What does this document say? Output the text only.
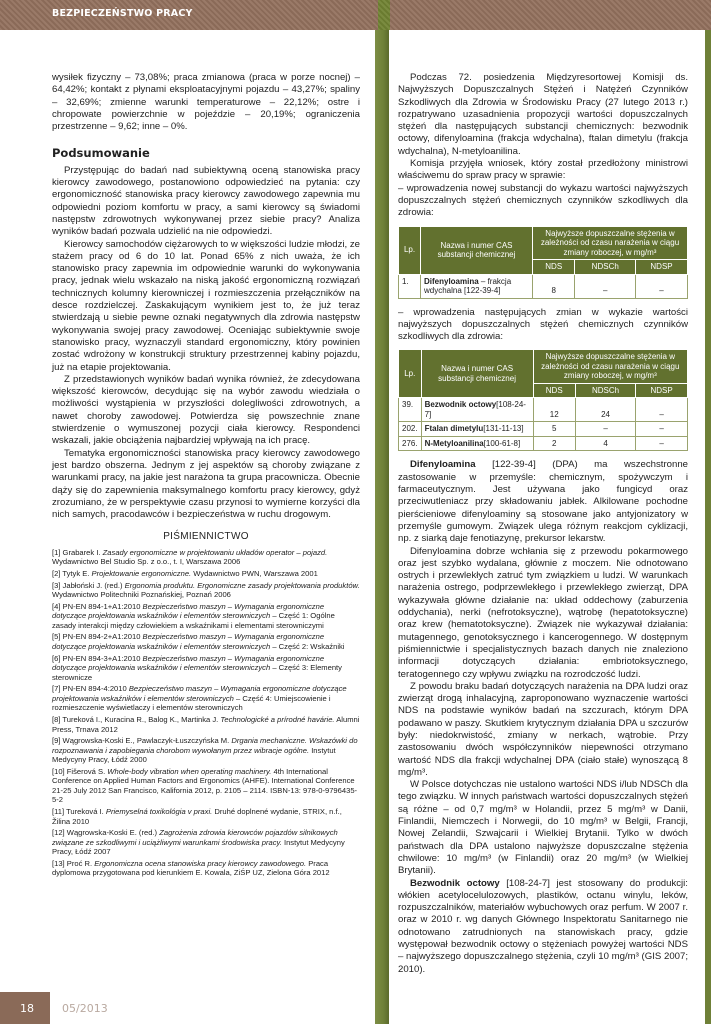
BEZPIECZEŃSTWO PRACY

wysiłek fizyczny – 73,08%; praca zmianowa (praca w porze nocnej) – 64,42%; kontakt z płynami eksploatacyjnymi pojazdu – 43,27%; spaliny – 32,69%; zmienne warunki temperaturowe – 22,12%; ostre i chropowate powierzchnie w pojeździe – 20,19%; ograniczenia przestrzenne – 9,62; inne – 0%.

Podsumowanie

Przystępując do badań nad subiektywną oceną stanowiska pracy kierowcy zawodowego, postanowiono odpowiedzieć na pytania: czy ergonomiczność stanowiska pracy kierowcy zawodowego zapewnia mu odpowiedni poziom komfortu w pracy, a sami kierowcy są świadomi następstw zdrowotnych wykonywanej przez siebie pracy? Analiza wyników badań pozwala udzielić na nie odpowiedzi.

Kierowcy samochodów ciężarowych to w większości ludzie młodzi, ze stażem pracy od 6 do 10 lat. Ponad 65% z nich uważa, że ich stanowisko pracy zapewnia im odpowiednie warunki do wykonywania pracy, jednak wielu wskazało na niską jakość ergonomiczną rozwiązań technicznych kolumny kierowniczej i rozmieszczenia przełączników na desce rozdzielczej. Zaskakującym wynikiem jest to, że już teraz stwierdzają u siebie pewne oznaki negatywnych dla zdrowia następstw wykonywania swojej pracy zawodowej. Oceniając subiektywnie swoje stanowisko pracy, wyznaczyli standard ergonomiczny, który powinien zostać wdrożony w konstrukcji struktury przestrzennej kabiny pojazdu, już na etapie projektowania.

Z przedstawionych wyników badań wynika również, że zdecydowana większość kierowców, decydując się na wybór zawodu wiedziała o możliwości wystąpienia w przyszłości dolegliwości zdrowotnych, a nawet choroby zawodowej. Potwierdza się powszechnie znane stwierdzenie o wymuszonej pozycji ciała kierowcy. Respondenci wskazali, jakie obciążenia najbardziej wpływają na ich pracę.

Tematyka ergonomiczności stanowiska pracy kierowcy zawodowego jest bardzo obszerna. Jednym z jej aspektów są choroby związane z warunkami pracy, na jakie jest narażona ta grupa pracownicza. Obecnie dąży się do zapewnienia maksymalnego komfortu pracy kierowcy, gdyż zrozumiano, że w perspektywie czasu przynosi to wymierne korzyści dla nich samych, pracodawców i bezpieczeństwa w ruchu drogowym.

PIŚMIENNICTWO
[1] Grabarek I. Zasady ergonomiczne w projektowaniu układów operator – pojazd. Wydawnictwo Bel Studio Sp. z o.o., t. I, Warszawa 2006
[2] Tytyk E. Projektowanie ergonomiczne. Wydawnictwo PWN, Warszawa 2001
[3] Jabłoński J. (red.) Ergonomia produktu. Ergonomiczne zasady projektowania produktów. Wydawnictwo Politechniki Poznańskiej, Poznań 2006
[4] PN-EN 894-1+A1:2010 Bezpieczeństwo maszyn – Wymagania ergonomiczne dotyczące projektowania wskaźników i elementów sterowniczych – Część 1: Ogólne zasady interakcji między człowiekiem a wskaźnikami i elementami sterowniczymi
[5] PN-EN 894-2+A1:2010 Bezpieczeństwo maszyn – Wymagania ergonomiczne dotyczące projektowania wskaźników i elementów sterowniczych – Część 2: Wskaźniki
[6] PN-EN 894-3+A1:2010 Bezpieczeństwo maszyn – Wymagania ergonomiczne dotyczące projektowania wskaźników i elementów sterowniczych – Część 3: Elementy sterownicze
[7] PN-EN 894-4:2010 Bezpieczeństwo maszyn – Wymagania ergonomiczne dotyczące projektowania wskaźników i elementów sterowniczych – Część 4: Umiejscowienie i rozmieszczenie wyświetlaczy i elementów sterowniczych
[8] Tureková I., Kuracina R., Balog K., Martinka J. Technologické a prírodné havárie. Alumni Press, Trnava 2012
[9] Wągrowska-Koski E., Pawlaczyk-Łuszczyńska M. Drgania mechaniczne. Wskazówki do rozpoznawania i zapobiegania chorobom wywołanym przez wibracje ogólne. Instytut Medycyny Pracy, Łódź 2000
[10] Fišerová S. Whole-body vibration when operating machinery. 4th International Conference on Applied Human Factors and Ergonomics (AHFE). International Conference 21-25 July 2012 San Francisco, Kalifornia 2012, p. 2105 – 2114. ISBN-13: 978-0-9796435-5-2
[11] Tureková I. Priemyselná toxikológia v praxi. Druhé doplnené wydanie, STRIX, n.f., Žilina 2010
[12] Wągrowska-Koski E. (red.) Zagrożenia zdrowia kierowców pojazdów silnikowych związane ze szkodliwymi i uciążliwymi warunkami środowiska pracy. Instytut Medycyny Pracy, Łódź 2007
[13] Proć R. Ergonomiczna ocena stanowiska pracy kierowcy zawodowego. Praca dyplomowa przygotowana pod kierunkiem E. Kowala, ZiŚP UZ, Zielona Góra 2012

Podczas 72. posiedzenia Międzyresortowej Komisji ds. Najwyższych Dopuszczalnych Stężeń i Natężeń Czynników Szkodliwych dla Zdrowia w Środowisku Pracy (27 lutego 2013 r.) rozpatrywano uzasadnienia propozycji wartości dopuszczalnych stężeń dla następujących substancji chemicznych: bezwodnik octowy, difenyloamina (frakcja wdychalna), ftalan dimetylu (frakcja wdychalna), N-metyloanilina.

Komisja przyjęła wniosek, który został przedłożony ministrowi właściwemu do spraw pracy w sprawie:

– wprowadzenia nowej substancji do wykazu wartości najwyższych dopuszczalnych stężeń chemicznych czynników szkodliwych dla zdrowia:

Lp.	Nazwa i numer CAS substancji chemicznej	Najwyższe dopuszczalne stężenia w zależności od czasu narażenia w ciągu zmiany roboczej, w mg/m³		
		NDS	NDSCh	NDSP
1.	Difenyloamina – frakcja wdychalna [122-39-4]	8	–	–

– wprowadzenia następujących zmian w wykazie wartości najwyższych dopuszczalnych stężeń chemicznych czynników szkodliwych dla zdrowia:

Lp.	Nazwa i numer CAS substancji chemicznej	Najwyższe dopuszczalne stężenia w zależności od czasu narażenia w ciągu zmiany roboczej, w mg/m³		
		NDS	NDSCh	NDSP
39.	Bezwodnik octowy[108-24-7]	12	24	–
202.	Ftalan dimetylu[131-11-13]	5	–	–
276.	N-Metyloanilina[100-61-8]	2	4	–

Difenyloamina [122-39-4] (DPA) ma wszechstronne zastosowanie w przemyśle: chemicznym, spożywczym i farmaceutycznym. Jest używana jako fungicyd oraz przeciwutleniacz przy składowaniu jabłek. Alkilowane pochodne pierścieniowe difenyloaminy są stosowane jako antyjonizatory w przemyśle gumowym. Związek ulega różnym reakcjom cyklizacji, np. z siarką daje fenotiazynę, prekursor lekarstw.

Difenyloamina dobrze wchłania się z przewodu pokarmowego oraz jest szybko wydalana, głównie z moczem. Nie odnotowano ostrych i przewlekłych zatruć tym związkiem u ludzi. W warunkach narażenia ostrego, podprzewlekłego i przewlekłego zwierząt, DPA wykazywała główne działanie na: układ oddechowy (zaburzenia oddychania), nerki (nefrotoksyczne), wątrobę (hepatotoksyczne) oraz krew (hematotoksyczne). Związek nie wykazywał działania: mutagennego, genotoksycznego i kancerogennego. W dostępnym piśmiennictwie i specjalistycznych bazach danych nie znaleziono informacji dotyczących działania: embriotoksycznego, teratogennego czy wpływu związku na rozrodczość ludzi.

Z powodu braku badań dotyczących narażenia na DPA ludzi oraz zwierząt drogą inhalacyjną, zaproponowano wyznaczenie wartości NDS na podstawie wyników badań na szczurach, którym DPA podawano w paszy. Skutkiem krytycznym działania DPA u szczurów były: niedokrwistość, zmiany w nerkach, wątrobie. Przy zastosowaniu dwóch współczynników niepewności otrzymano wartość NDS dla frakcji wdychalnej DPA (ciało stałe) wynoszącą 8 mg/m³.

W Polsce dotychczas nie ustalono wartości NDS i/lub NDSCh dla tego związku. W innych państwach wartości dopuszczalnych stężeń są różne – od 0,7 mg/m³ w Holandii, przez 5 mg/m³ w Danii, Finlandii, Niemczech i Norwegii, do 10 mg/m³ w Belgii, Francji, Nowej Zelandii, Szwajcarii i Wielkiej Brytanii. Tylko w dwóch państwach dla DPA ustalono najwyższe dopuszczalne stężenia chwilowe: 10 mg/m³ (w Finlandii) oraz 20 mg/m³ (w Wielkiej Brytanii).

Bezwodnik octowy [108-24-7] jest stosowany do produkcji: włókien acetylocelulozowych, plastików, octanu winylu, leków, rozpuszczalników, materiałów wybuchowych oraz perfum. W 2007 r. oraz w 2010 r. wg danych Głównego Inspektoratu Sanitarnego nie odnotowano zatrudnionych na stanowiskach pracy, gdzie występował bezwodnik octowy o stężeniach powyżej wartości NDS – najwyższego dopuszczalnego stężenia, czyli 10 mg/m³ (GIS 2007; 2010).

18	05/2013
